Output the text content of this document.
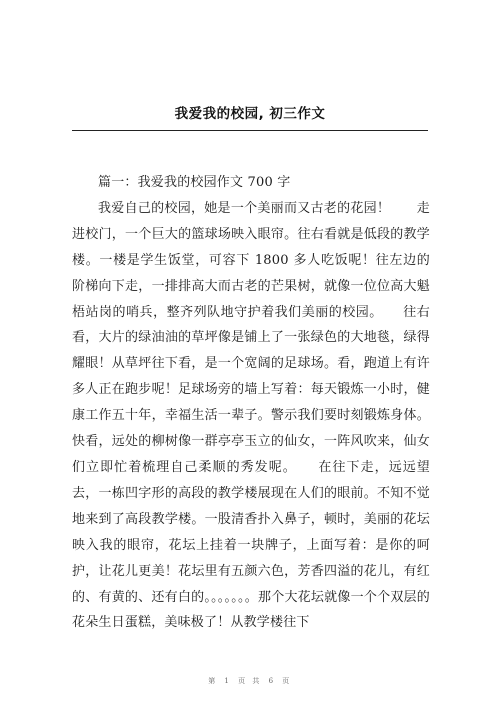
我爱我的校园, 初三作文
篇一：我爱我的校园作文 700 字
我爱自己的校园，她是一个美丽而又古老的花园！　　走进校门，一个巨大的篮球场映入眼帘。往右看就是低段的教学楼。一楼是学生饭堂，可容下 1800 多人吃饭呢！往左边的阶梯向下走，一排排高大而古老的芒果树，就像一位位高大魁梧站岗的哨兵，整齐列队地守护着我们美丽的校园。　　往右看，大片的绿油油的草坪像是铺上了一张绿色的大地毯，绿得耀眼！从草坪往下看，是一个宽阔的足球场。看，跑道上有许多人正在跑步呢！足球场旁的墙上写着：每天锻炼一小时，健康工作五十年，幸福生活一辈子。警示我们要时刻锻炼身体。快看，远处的柳树像一群亭亭玉立的仙女，一阵风吹来，仙女们立即忙着梳理自己柔顺的秀发呢。　　在往下走，远远望去，一栋凹字形的高段的教学楼展现在人们的眼前。不知不觉地来到了高段教学楼。一股清香扑入鼻子，顿时，美丽的花坛映入我的眼帘，花坛上挂着一块牌子，上面写着：是你的呵护，让花儿更美！花坛里有五颜六色，芳香四溢的花儿，有红的、有黄的、还有白的。。。。。。。那个大花坛就像一个个双层的花朵生日蛋糕，美味极了！从教学楼往下
第 1 页 共 6 页
